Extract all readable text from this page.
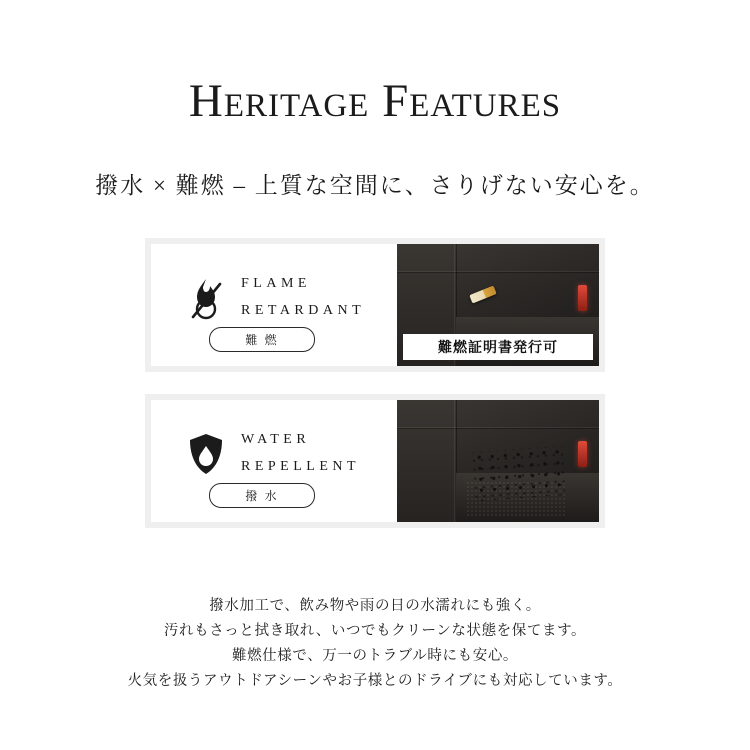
Heritage Features

撥水 × 難燃 – 上質な空間に、さりげない安心を。

FLAME
RETARDANT
難 燃	難燃証明書発行可
WATER
REPELLENT
撥 水

撥水加工で、飲み物や雨の日の水濡れにも強く。

汚れもさっと拭き取れ、いつでもクリーンな状態を保てます。

難燃仕様で、万一のトラブル時にも安心。

火気を扱うアウトドアシーンやお子様とのドライブにも対応しています。
